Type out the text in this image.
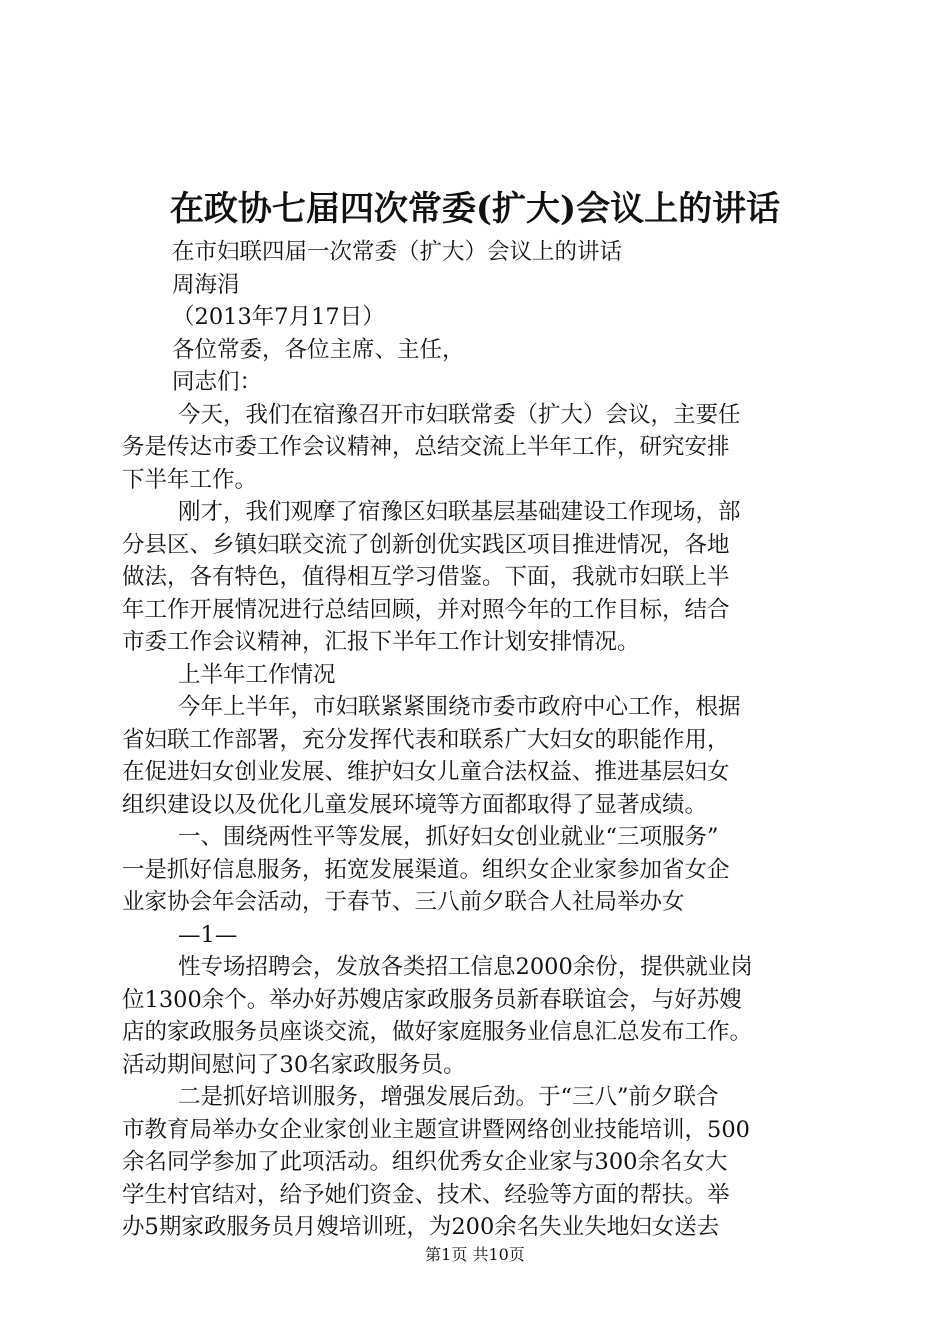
在政协七届四次常委(扩大)会议上的讲话

在市妇联四届一次常委（扩大）会议上的讲话

周海涓

（2013年7月17日）

各位常委，各位主席、主任，

同志们：

今天，我们在宿豫召开市妇联常委（扩大）会议，主要任

务是传达市委工作会议精神，总结交流上半年工作，研究安排

下半年工作。

刚才，我们观摩了宿豫区妇联基层基础建设工作现场，部

分县区、乡镇妇联交流了创新创优实践区项目推进情况，各地

做法，各有特色，值得相互学习借鉴。下面，我就市妇联上半

年工作开展情况进行总结回顾，并对照今年的工作目标，结合

市委工作会议精神，汇报下半年工作计划安排情况。

上半年工作情况

今年上半年，市妇联紧紧围绕市委市政府中心工作，根据

省妇联工作部署，充分发挥代表和联系广大妇女的职能作用，

在促进妇女创业发展、维护妇女儿童合法权益、推进基层妇女

组织建设以及优化儿童发展环境等方面都取得了显著成绩。

一、围绕两性平等发展，抓好妇女创业就业“三项服务”

一是抓好信息服务，拓宽发展渠道。组织女企业家参加省女企

业家协会年会活动，于春节、三八前夕联合人社局举办女

—1—

性专场招聘会，发放各类招工信息2000余份，提供就业岗

位1300余个。举办好苏嫂店家政服务员新春联谊会，与好苏嫂

店的家政服务员座谈交流，做好家庭服务业信息汇总发布工作。

活动期间慰问了30名家政服务员。

二是抓好培训服务，增强发展后劲。于“三八”前夕联合

市教育局举办女企业家创业主题宣讲暨网络创业技能培训，500

余名同学参加了此项活动。组织优秀女企业家与300余名女大

学生村官结对，给予她们资金、技术、经验等方面的帮扶。举

办5期家政服务员月嫂培训班，为200余名失业失地妇女送去

第1页 共10页
